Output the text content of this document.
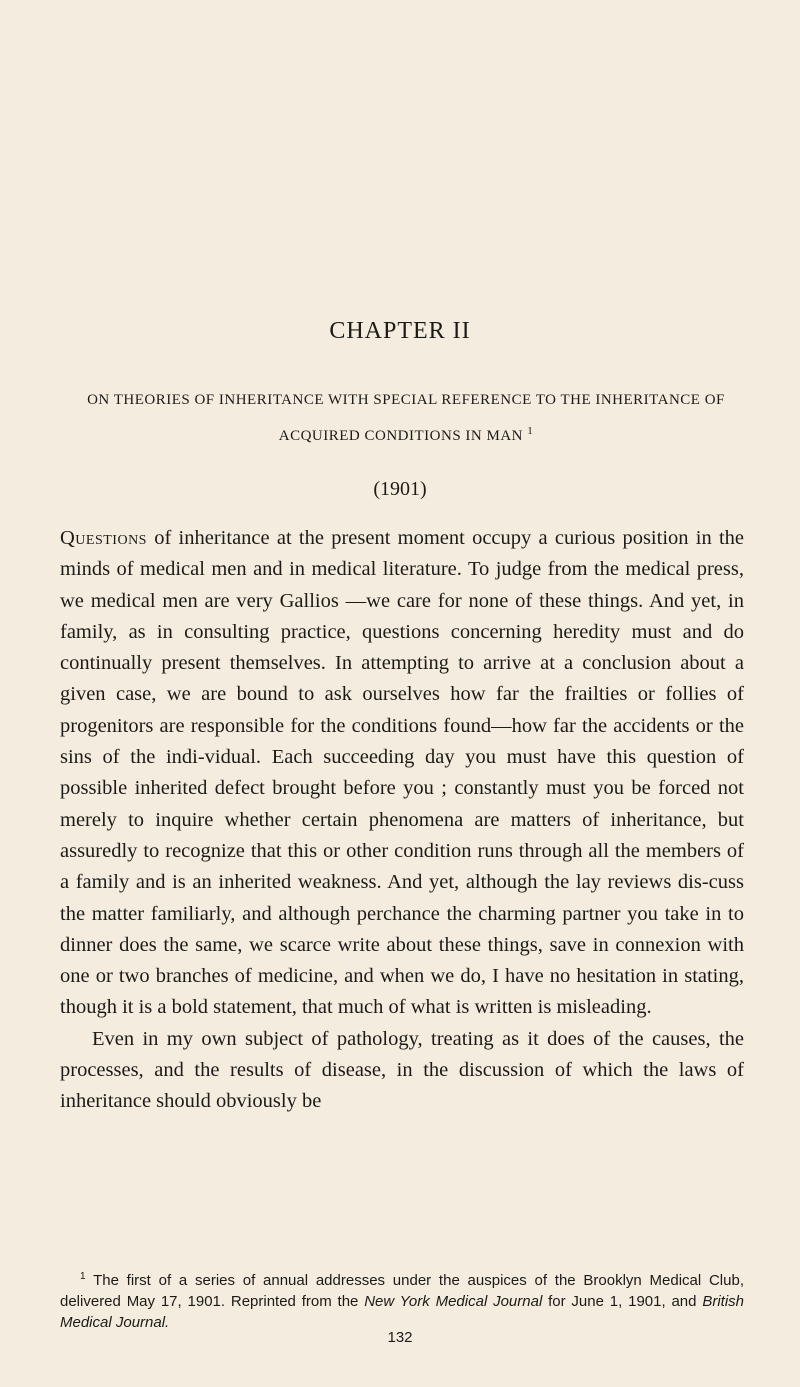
CHAPTER II
ON THEORIES OF INHERITANCE WITH SPECIAL REFERENCE TO THE INHERITANCE OF ACQUIRED CONDITIONS IN MAN $^1$
(1901)

Questions of inheritance at the present moment occupy a curious position in the minds of medical men and in medical literature. To judge from the medical press, we medical men are very Gallios —we care for none of these things. And yet, in family, as in consulting practice, questions concerning heredity must and do continually present themselves. In attempting to arrive at a conclusion about a given case, we are bound to ask ourselves how far the frailties or follies of progenitors are responsible for the conditions found—how far the accidents or the sins of the indi-vidual. Each succeeding day you must have this question of possible inherited defect brought before you ; constantly must you be forced not merely to inquire whether certain phenomena are matters of inheritance, but assuredly to recognize that this or other condition runs through all the members of a family and is an inherited weakness. And yet, although the lay reviews dis-cuss the matter familiarly, and although perchance the charming partner you take in to dinner does the same, we scarce write about these things, save in connexion with one or two branches of medicine, and when we do, I have no hesitation in stating, though it is a bold statement, that much of what is written is misleading.

Even in my own subject of pathology, treating as it does of the causes, the processes, and the results of disease, in the discussion of which the laws of inheritance should obviously be

$^1$ The first of a series of annual addresses under the auspices of the Brooklyn Medical Club, delivered May 17, 1901. Reprinted from the New York Medical Journal for June 1, 1901, and British Medical Journal.

132
